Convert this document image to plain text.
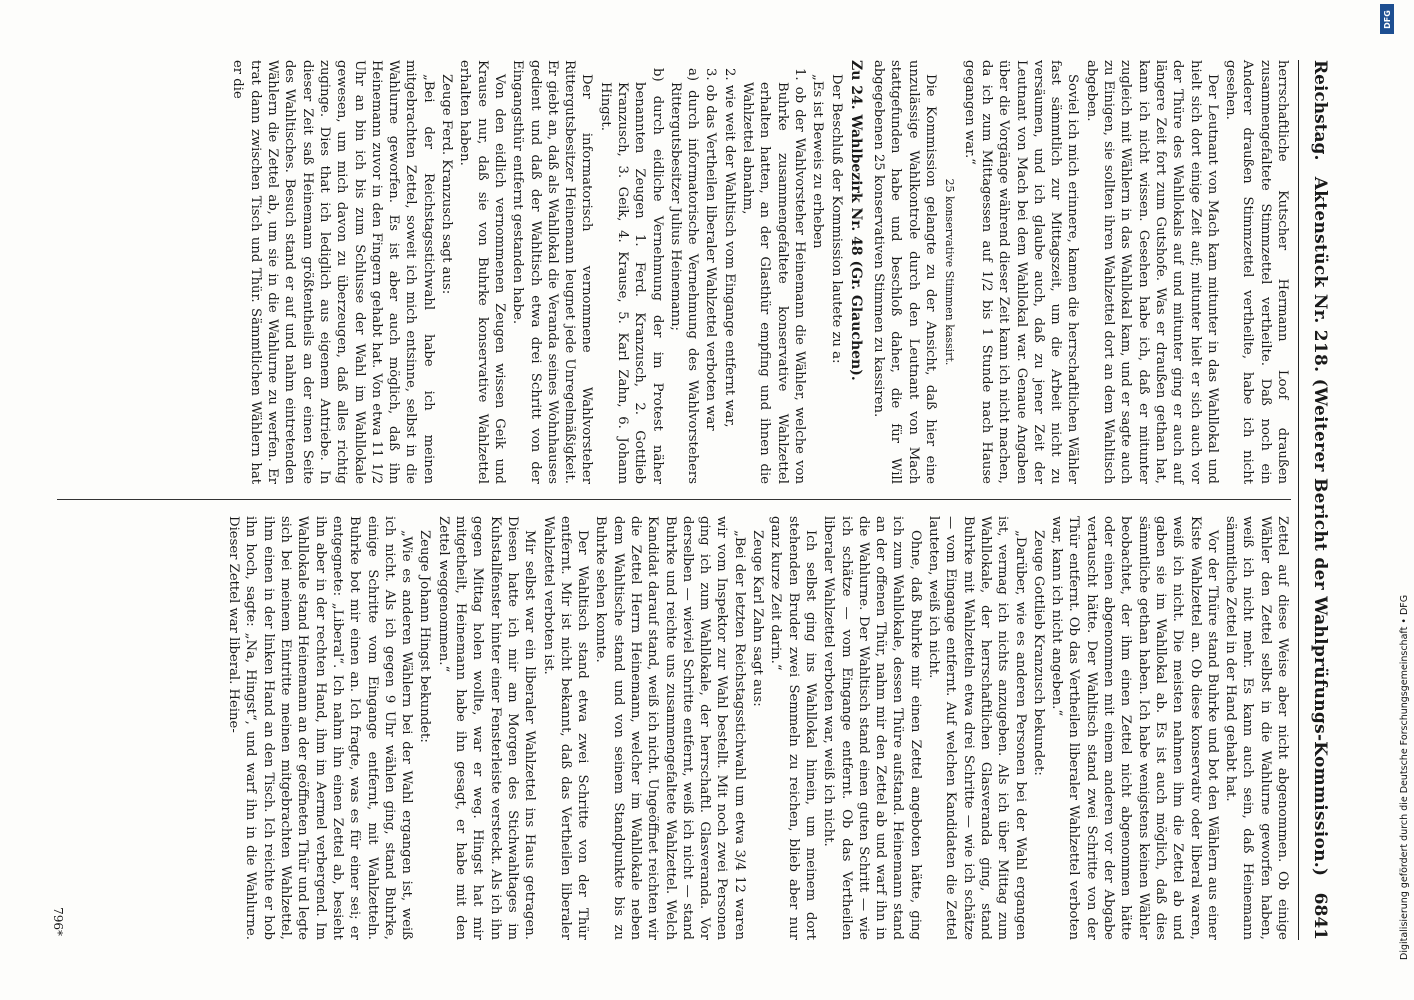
Reichstag.
Aktenstück Nr. 218. (Weiterer Bericht der Wahlprüfungs-Kommission.)
6841

herrschaftliche Kutscher Hermann Loof draußen zusammengefaltete Stimmzettel vertheilte. Daß noch ein Anderer draußen Stimmzettel vertheilte, habe ich nicht gesehen.

Der Leutnant von Mach kam mitunter in das Wahllokal und hielt sich dort einige Zeit auf; mitunter hielt er sich auch vor der Thüre des Wahllokals auf und mitunter ging er auch auf längere Zeit fort zum Gutshofe. Was er draußen gethan hat, kann ich nicht wissen. Gesehen habe ich, daß er mitunter zugleich mit Wählern in das Wahllokal kam, und er sagte auch zu Einigen, sie sollten ihren Wahlzettel dort an dem Wahltisch abgeben.

Soviel ich mich erinnere, kamen die herrschaftlichen Wähler fast sämmtlich zur Mittagszeit, um die Arbeit nicht zu versäumen, und ich glaube auch, daß zu jener Zeit der Leutnant von Mach bei dem Wahllokal war. Genaue Angaben über die Vorgänge während dieser Zeit kann ich nicht machen, da ich zum Mittagessen auf 1/2 bis 1 Stunde nach Hause gegangen war.“

25 konservative Stimmen kassirt.

Die Kommission gelangte zu der Ansicht, daß hier eine unzulässige Wahlkontrole durch den Leutnant von Mach stattgefunden habe und beschloß daher, die für Will abgegebenen 25 konservativen Stimmen zu kassiren.

Zu 24. Wahlbezirk Nr. 48 (Gr. Glauchen).

Der Beschluß der Kommission lautete zu a:

„Es ist Beweis zu erheben

1. ob der Wahlvorsteher Heinemann die Wähler, welche von Buhrke zusammengefaltete konservative Wahlzettel erhalten hatten, an der Glasthür empfing und ihnen die Wahlzettel abnahm,

2. wie weit der Wahltisch vom Eingange entfernt war,

3. ob das Vertheilen liberaler Wahlzettel verboten war

a) durch informatorische Vernehmung des Wahlvorstehers Rittergutsbesitzer Julius Heinemann;

b) durch eidliche Vernehmung der im Protest näher benannten Zeugen 1. Ferd. Kranzusch, 2. Gottlieb Kranzusch, 3. Geik, 4. Krause, 5. Karl Zahn, 6. Johann Hingst.

Der informatorisch vernommene Wahlvorsteher Rittergutsbesitzer Heinemann leugnet jede Unregelmäßigkeit. Er giebt an, daß als Wahllokal die Veranda seines Wohnhauses gedient und daß der Wahltisch etwa drei Schritt von der Eingangsthür entfernt gestanden habe.

Von den eidlich vernommenen Zeugen wissen Geik und Krause nur, daß sie von Buhrke konservative Wahlzettel erhalten haben.

Zeuge Ferd. Kranzusch sagt aus:

„Bei der Reichstagsstichwahl habe ich meinen mitgebrachten Zettel, soweit ich mich entsinne, selbst in die Wahlurne geworfen. Es ist aber auch möglich, daß ihn Heinemann zuvor in den Fingern gehabt hat. Von etwa 11 1/2 Uhr an bin ich bis zum Schlusse der Wahl im Wahllokale gewesen, um mich davon zu überzeugen, daß alles richtig zuginge. Dies that ich lediglich aus eigenem Antriebe. In dieser Zeit saß Heinemann größtentheils an der einen Seite des Wahltisches. Besuch stand er auf und nahm eintretenden Wählern die Zettel ab, um sie in die Wahlurne zu werfen. Er trat dann zwischen Tisch und Thür. Sämmtlichen Wählern hat er die

Zettel auf diese Weise aber nicht abgenommen. Ob einige Wähler den Zettel selbst in die Wahlurne geworfen haben, weiß ich nicht mehr. Es kann auch sein, daß Heinemann sämmtliche Zettel in der Hand gehabt hat.

Vor der Thüre stand Buhrke und bot den Wählern aus einer Kiste Wahlzettel an. Ob diese konservativ oder liberal waren, weiß ich nicht. Die meisten nahmen ihm die Zettel ab und gaben sie im Wahllokal ab. Es ist auch möglich, daß dies sämmtliche gethan haben. Ich habe wenigstens keinen Wähler beobachtet, der ihm einen Zettel nicht abgenommen hätte oder einen abgenommen mit einem anderen vor der Abgabe vertauscht hätte. Der Wahltisch stand zwei Schritte von der Thür entfernt. Ob das Vertheilen liberaler Wahlzettel verboten war, kann ich nicht angeben.“

Zeuge Gottlieb Kranzusch bekundet:

„Darüber, wie es anderen Personen bei der Wahl ergangen ist, vermag ich nichts anzugeben. Als ich über Mittag zum Wahllokale, der herrschaftlichen Glasveranda ging, stand Buhrke mit Wahlzetteln etwa drei Schritte — wie ich schätze — vom Eingange entfernt. Auf welchen Kandidaten die Zettel lauteten, weiß ich nicht.

Ohne, daß Buhrke mir einen Zettel angeboten hätte, ging ich zum Wahllokale, dessen Thüre aufstand. Heinemann stand an der offenen Thür, nahm mir den Zettel ab und warf ihn in die Wahlurne. Der Wahltisch stand einen guten Schritt — wie ich schätze — vom Eingange entfernt. Ob das Vertheilen liberaler Wahlzettel verboten war, weiß ich nicht.

Ich selbst ging ins Wahllokal hinein, um meinem dort stehenden Bruder zwei Semmeln zu reichen, blieb aber nur ganz kurze Zeit darin.“

Zeuge Karl Zahn sagt aus:

„Bei der letzten Reichstagsstichwahl um etwa 3/4 12 waren wir vom Inspektor zur Wahl bestellt. Mit noch zwei Personen ging ich zum Wahllokale, der herrschaftl. Glasveranda. Vor derselben — wieviel Schritte entfernt, weiß ich nicht — stand Buhrke und reichte uns zusammengefaltete Wahlzettel. Welch Kandidat darauf stand, weiß ich nicht. Ungeöffnet reichten wir die Zettel Herrn Heinemann, welcher im Wahllokale neben dem Wahltische stand und von seinem Standpunkte bis zu Buhrke sehen konnte.

Der Wahltisch stand etwa zwei Schritte von der Thür entfernt. Mir ist nicht bekannt, daß das Vertheilen liberaler Wahlzettel verboten ist.

Mir selbst war ein liberaler Wahlzettel ins Haus getragen. Diesen hatte ich mir am Morgen des Stichwahltages im Kuhstallfenster hinter einer Fensterleiste versteckt. Als ich ihn gegen Mittag holen wollte, war er weg. Hingst hat mir mitgetheilt, Heinemann habe ihn gesagt, er habe mit den Zettel weggenommen.“

Zeuge Johann Hingst bekundet:

„Wie es anderen Wählern bei der Wahl ergangen ist, weiß ich nicht. Als ich gegen 9 Uhr wählen ging, stand Buhrke, einige Schritte vom Eingange entfernt, mit Wahlzetteln. Buhrke bot mir einen an. Ich fragte, was es für einer sei; er entgegnete: „Liberal“. Ich nahm ihn einen Zettel ab, besieht ihn aber in der rechten Hand, ihm im Aermel verbergend. Im Wahllokale stand Heinemann an der geöffneten Thür und legte sich bei meinem Eintritte meinen mitgebrachten Wahlzettel, ihm einen in der linken Hand an den Tisch. Ich reichte er hob ihn hoch, sagte: „Na, Hingst“, und warf ihn in die Wahlurne. Dieser Zettel war liberal. Heine-

796*
DFG
Digitalisierung gefördert durch die Deutsche Forschungsgemeinschaft • DFG
